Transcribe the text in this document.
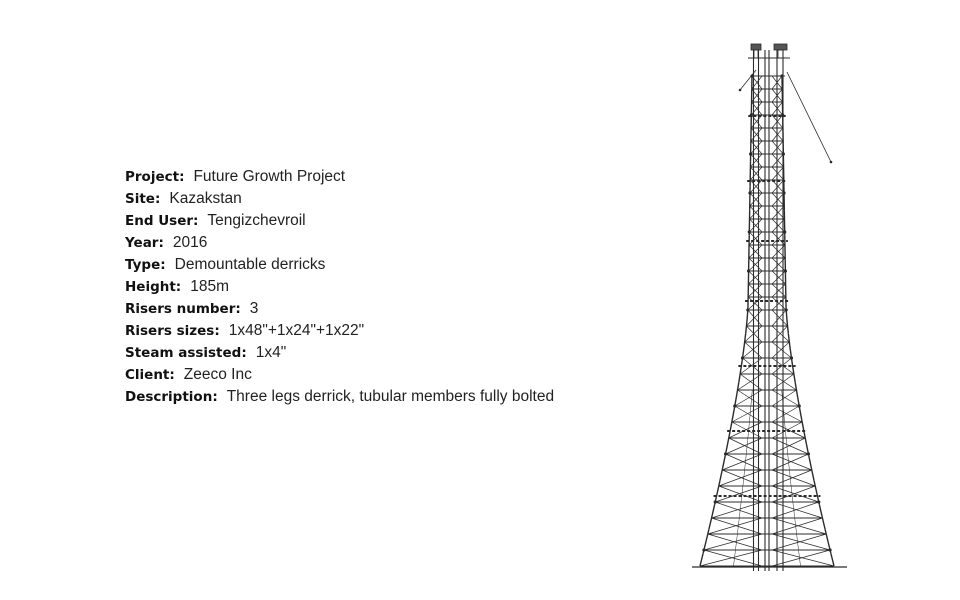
Project: Future Growth Project
Site: Kazakstan
End User: Tengizchevroil
Year: 2016
Type: Demountable derricks
Height: 185m
Risers number: 3
Risers sizes: 1x48"+1x24"+1x22"
Steam assisted: 1x4"
Client: Zeeco Inc
Description: Three legs derrick, tubular members fully bolted
